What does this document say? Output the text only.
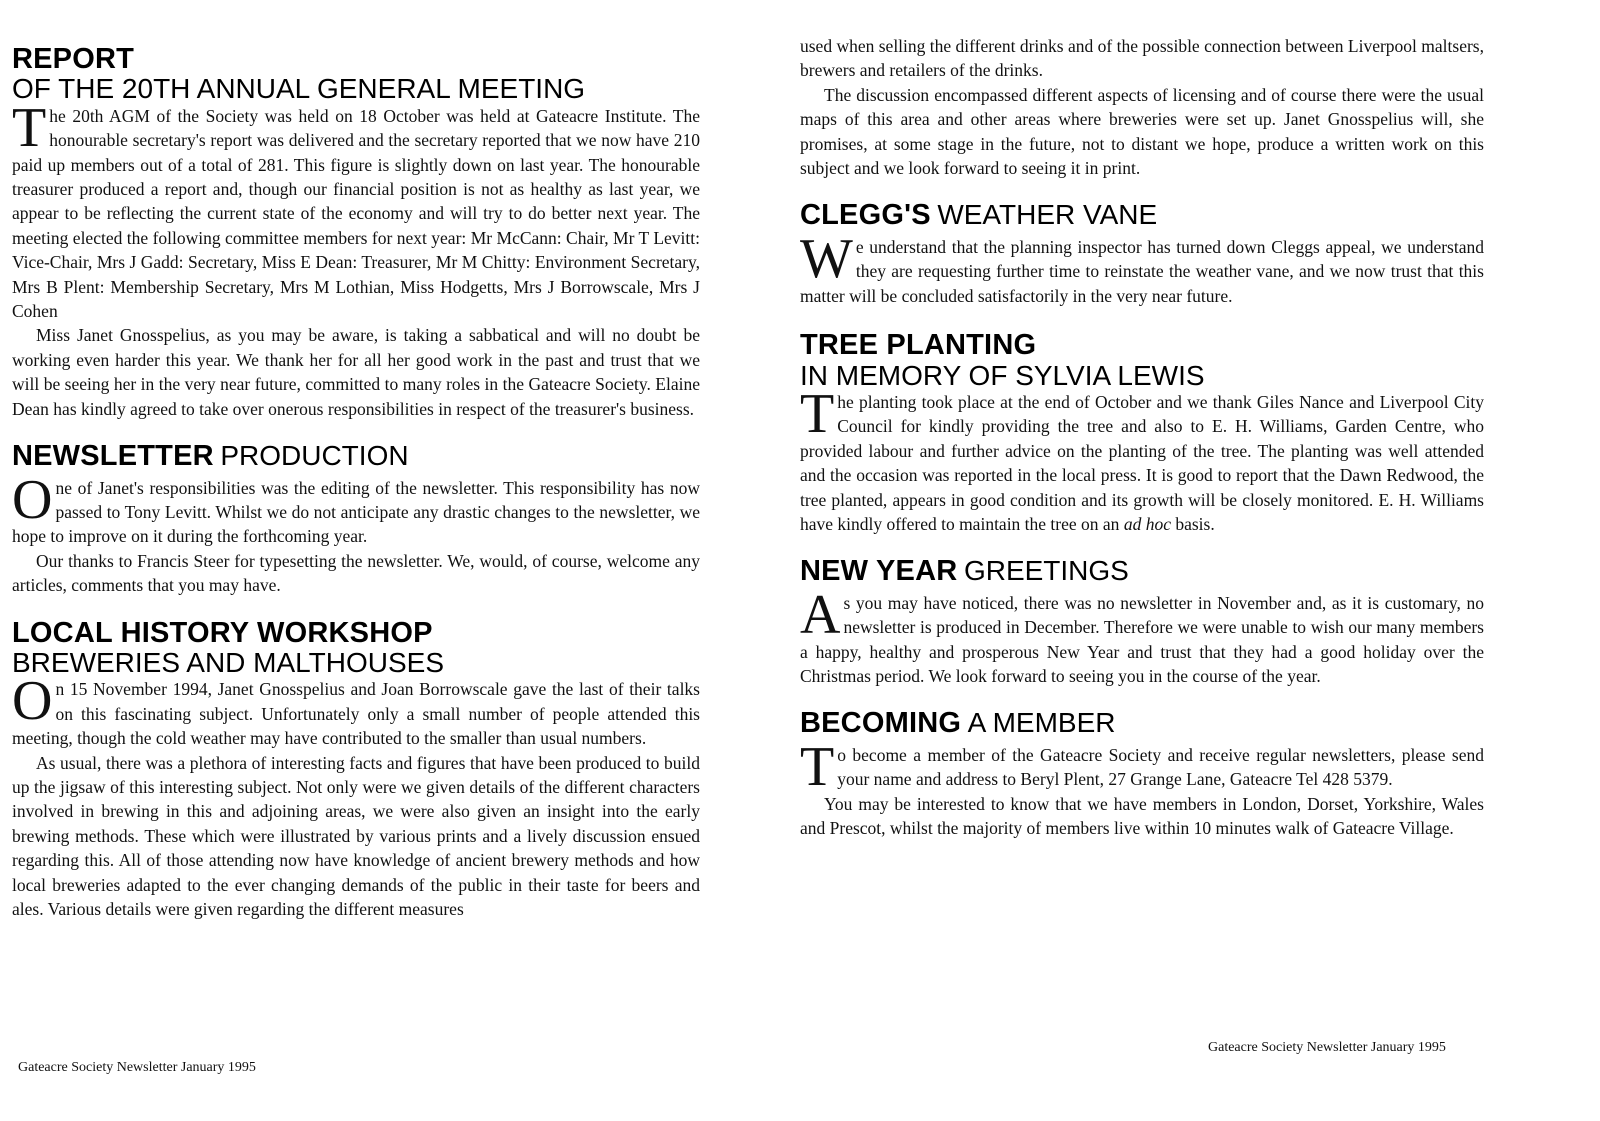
REPORT
OF THE 20TH ANNUAL GENERAL MEETING

The 20th AGM of the Society was held on 18 October was held at Gateacre Institute. The honourable secretary's report was delivered and the secretary reported that we now have 210 paid up members out of a total of 281. This figure is slightly down on last year. The honourable treasurer produced a report and, though our financial position is not as healthy as last year, we appear to be reflecting the current state of the economy and will try to do better next year. The meeting elected the following committee members for next year: Mr McCann: Chair, Mr T Levitt: Vice-Chair, Mrs J Gadd: Secretary, Miss E Dean: Treasurer, Mr M Chitty: Environment Secretary, Mrs B Plent: Membership Secretary, Mrs M Lothian, Miss Hodgetts, Mrs J Borrowscale, Mrs J Cohen

Miss Janet Gnosspelius, as you may be aware, is taking a sabbatical and will no doubt be working even harder this year. We thank her for all her good work in the past and trust that we will be seeing her in the very near future, committed to many roles in the Gateacre Society. Elaine Dean has kindly agreed to take over onerous responsibilities in respect of the treasurer's business.

NEWSLETTER PRODUCTION

One of Janet's responsibilities was the editing of the newsletter. This responsibility has now passed to Tony Levitt. Whilst we do not anticipate any drastic changes to the newsletter, we hope to improve on it during the forthcoming year.

Our thanks to Francis Steer for typesetting the newsletter. We, would, of course, welcome any articles, comments that you may have.

LOCAL HISTORY WORKSHOP
BREWERIES AND MALTHOUSES

On 15 November 1994, Janet Gnosspelius and Joan Borrowscale gave the last of their talks on this fascinating subject. Unfortunately only a small number of people attended this meeting, though the cold weather may have contributed to the smaller than usual numbers.

As usual, there was a plethora of interesting facts and figures that have been produced to build up the jigsaw of this interesting subject. Not only were we given details of the different characters involved in brewing in this and adjoining areas, we were also given an insight into the early brewing methods. These which were illustrated by various prints and a lively discussion ensued regarding this. All of those attending now have knowledge of ancient brewery methods and how local breweries adapted to the ever changing demands of the public in their taste for beers and ales. Various details were given regarding the different measures

Gateacre Society Newsletter January 1995

used when selling the different drinks and of the possible connection between Liverpool maltsers, brewers and retailers of the drinks.

The discussion encompassed different aspects of licensing and of course there were the usual maps of this area and other areas where breweries were set up. Janet Gnosspelius will, she promises, at some stage in the future, not to distant we hope, produce a written work on this subject and we look forward to seeing it in print.

CLEGG'S WEATHER VANE

We understand that the planning inspector has turned down Cleggs appeal, we understand they are requesting further time to reinstate the weather vane, and we now trust that this matter will be concluded satisfactorily in the very near future.

TREE PLANTING
IN MEMORY OF SYLVIA LEWIS

The planting took place at the end of October and we thank Giles Nance and Liverpool City Council for kindly providing the tree and also to E. H. Williams, Garden Centre, who provided labour and further advice on the planting of the tree. The planting was well attended and the occasion was reported in the local press. It is good to report that the Dawn Redwood, the tree planted, appears in good condition and its growth will be closely monitored. E. H. Williams have kindly offered to maintain the tree on an ad hoc basis.

NEW YEAR GREETINGS

As you may have noticed, there was no newsletter in November and, as it is customary, no newsletter is produced in December. Therefore we were unable to wish our many members a happy, healthy and prosperous New Year and trust that they had a good holiday over the Christmas period. We look forward to seeing you in the course of the year.

BECOMING A MEMBER

To become a member of the Gateacre Society and receive regular newsletters, please send your name and address to Beryl Plent, 27 Grange Lane, Gateacre Tel 428 5379.

You may be interested to know that we have members in London, Dorset, Yorkshire, Wales and Prescot, whilst the majority of members live within 10 minutes walk of Gateacre Village.

Gateacre Society Newsletter January 1995
